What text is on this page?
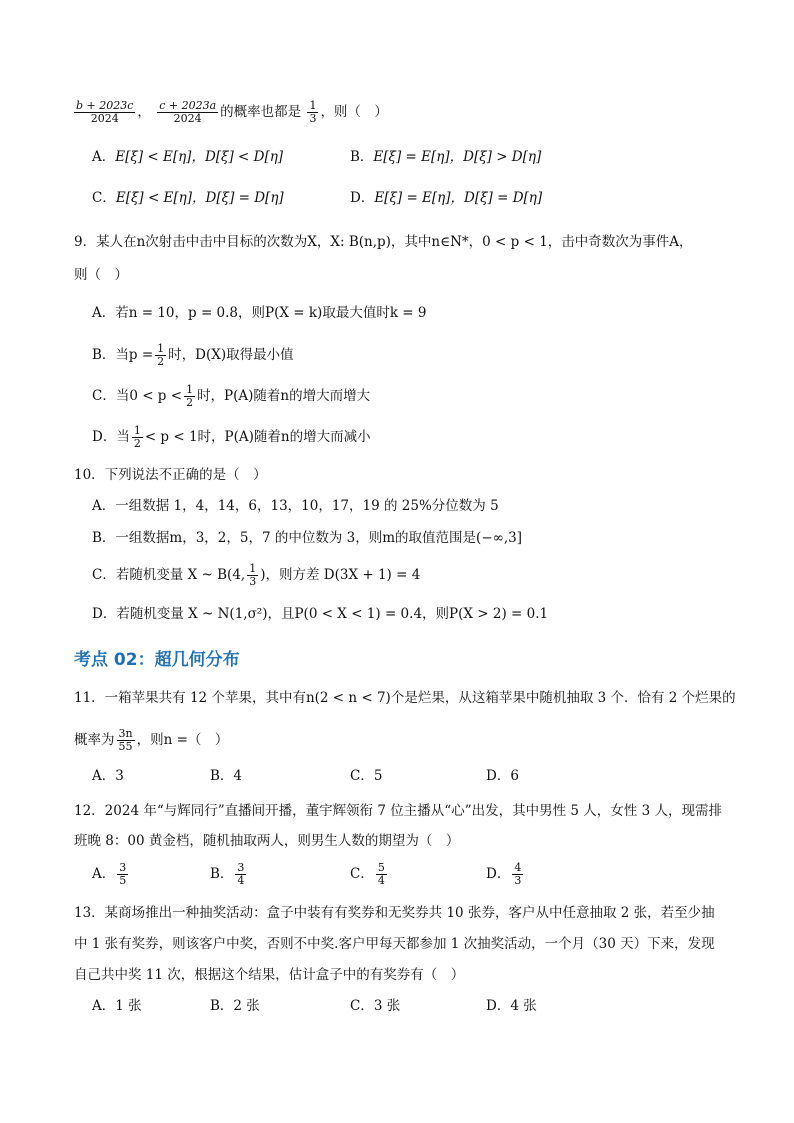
$\frac{b + 2023c}{2024}$ ， $\frac{c + 2023a}{2024}$ 的概率也都是 $\frac{1}{3}$ ，则（　）
A．E[ξ] < E[η]，D[ξ] < D[η]	B．E[ξ] = E[η]，D[ξ] > D[η]
C．E[ξ] < E[η]，D[ξ] = D[η]	D．E[ξ] = E[η]，D[ξ] = D[η]
9．某人在n次射击中击中目标的次数为X，X: B(n,p)，其中n∈N*，0 < p < 1，击中奇数次为事件A，
则（　）
A．若n = 10，p = 0.8，则P(X = k)取最大值时k = 9
B．当$p = \frac{1}{2}$ 时，D(X)取得最小值
C．当$0 < p < \frac{1}{2}$ 时，P(A)随着n的增大而增大
D．当 $\frac{1}{2} < p < 1$时，P(A)随着n的增大而减小
10．下列说法不正确的是（　）
A．一组数据 1，4，14，6，13，10，17，19 的 25%分位数为 5
B．一组数据m，3，2，5，7 的中位数为 3，则m的取值范围是(−∞,3]
C．若随机变量 X ~ B(4, $\frac{1}{3}$ )，则方差 D(3X + 1) = 4
D．若随机变量 X ~ N(1,σ²)，且P(0 < X < 1) = 0.4，则P(X > 2) = 0.1
考点 02：超几何分布
11．一箱苹果共有 12 个苹果，其中有n(2 < n < 7)个是烂果，从这箱苹果中随机抽取 3 个．恰有 2 个烂果的
概率为 $\frac{3n}{55}$ ，则n =（　）
A．3	B．4	C．5	D．6
12．2024 年“与辉同行”直播间开播，董宇辉领衔 7 位主播从“心”出发，其中男性 5 人，女性 3 人，现需排
班晚 8：00 黄金档，随机抽取两人，则男生人数的期望为（　）
A． $\frac{3}{5}$	B． $\frac{3}{4}$	C． $\frac{5}{4}$	D． $\frac{4}{3}$
13．某商场推出一种抽奖活动：盒子中装有有奖券和无奖券共 10 张券，客户从中任意抽取 2 张，若至少抽
中 1 张有奖券，则该客户中奖，否则不中奖.客户甲每天都参加 1 次抽奖活动，一个月（30 天）下来，发现
自己共中奖 11 次，根据这个结果，估计盒子中的有奖券有（　）
A．1 张	B．2 张	C．3 张	D．4 张
